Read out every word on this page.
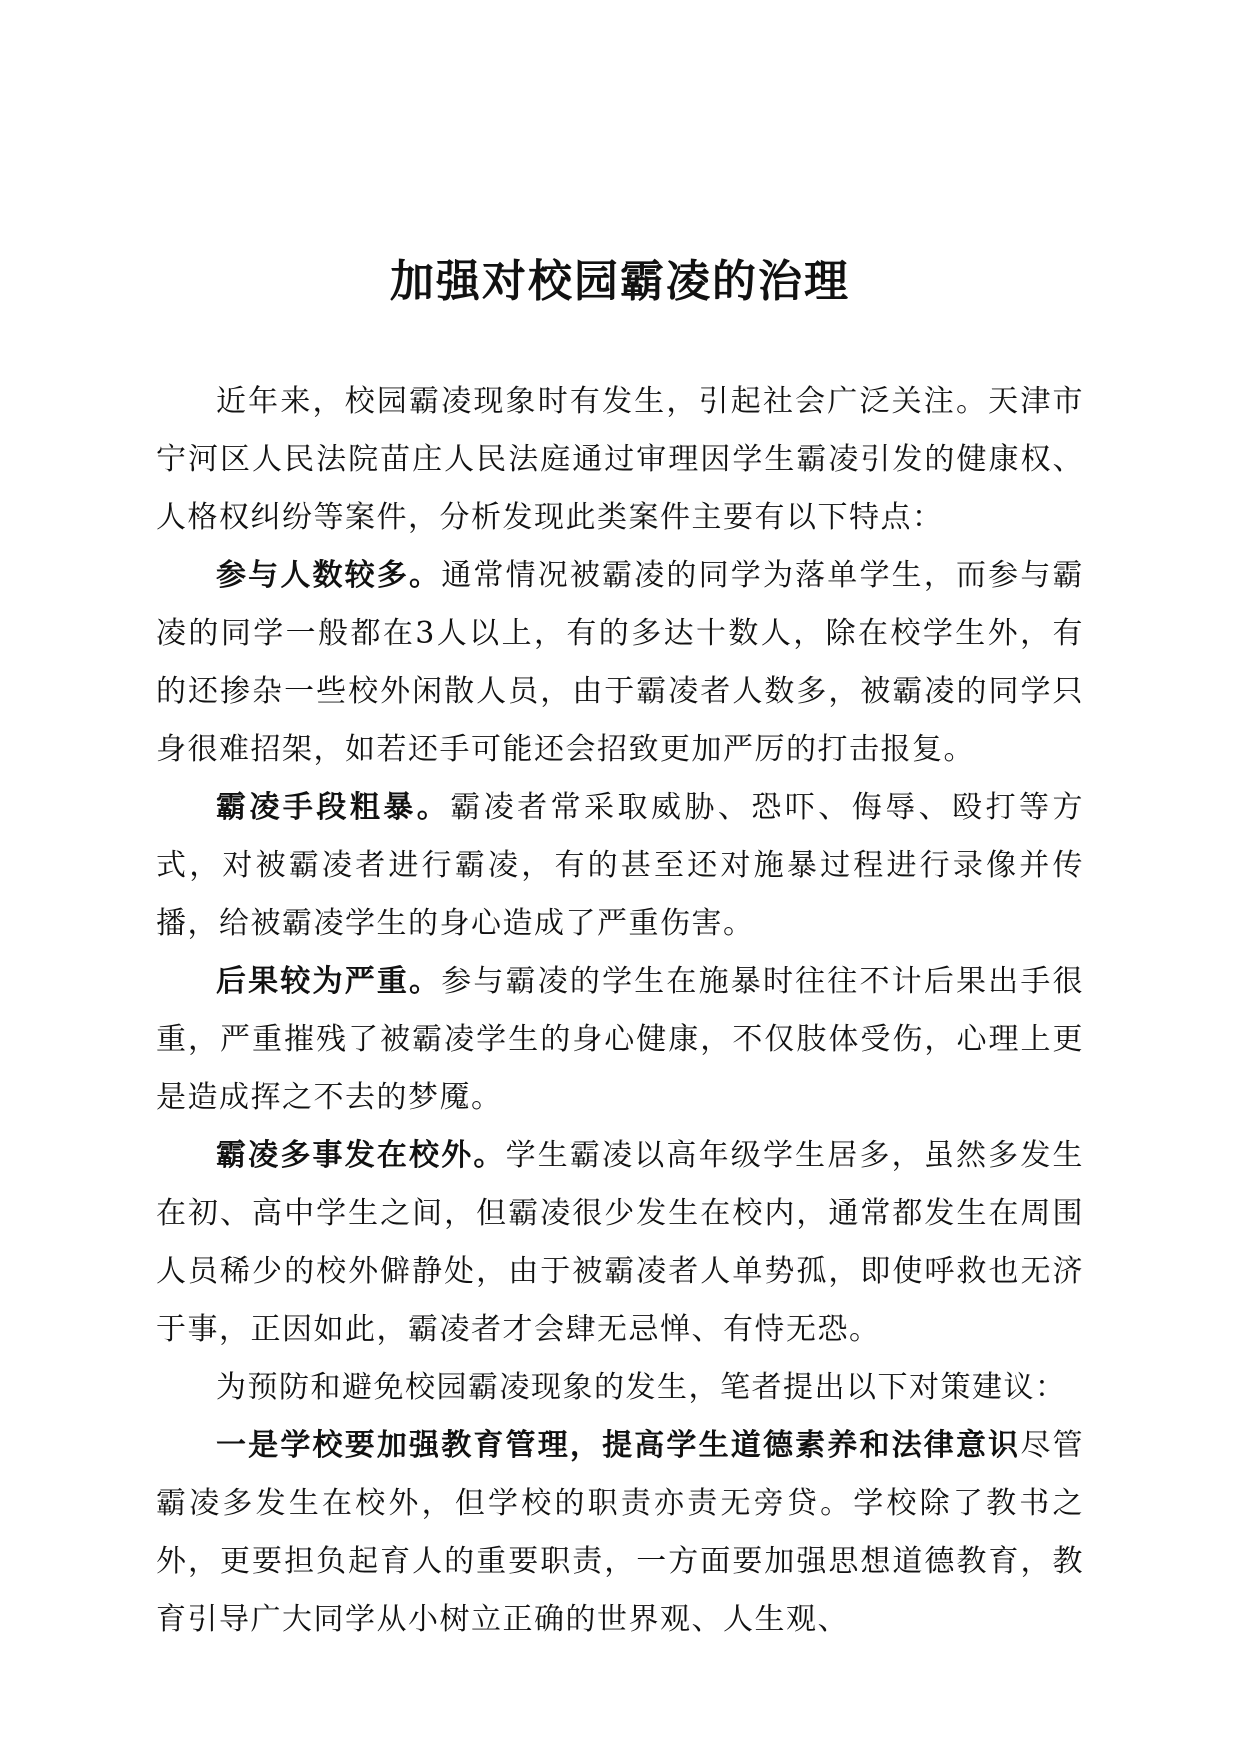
加强对校园霸凌的治理

近年来，校园霸凌现象时有发生，引起社会广泛关注。天津市宁河区人民法院苗庄人民法庭通过审理因学生霸凌引发的健康权、人格权纠纷等案件，分析发现此类案件主要有以下特点：

参与人数较多。通常情况被霸凌的同学为落单学生，而参与霸凌的同学一般都在3人以上，有的多达十数人，除在校学生外，有的还掺杂一些校外闲散人员，由于霸凌者人数多，被霸凌的同学只身很难招架，如若还手可能还会招致更加严厉的打击报复。

霸凌手段粗暴。霸凌者常采取威胁、恐吓、侮辱、殴打等方式，对被霸凌者进行霸凌，有的甚至还对施暴过程进行录像并传播，给被霸凌学生的身心造成了严重伤害。

后果较为严重。参与霸凌的学生在施暴时往往不计后果出手很重，严重摧残了被霸凌学生的身心健康，不仅肢体受伤，心理上更是造成挥之不去的梦魇。

霸凌多事发在校外。学生霸凌以高年级学生居多，虽然多发生在初、高中学生之间，但霸凌很少发生在校内，通常都发生在周围人员稀少的校外僻静处，由于被霸凌者人单势孤，即使呼救也无济于事，正因如此，霸凌者才会肆无忌惮、有恃无恐。

为预防和避免校园霸凌现象的发生，笔者提出以下对策建议：

一是学校要加强教育管理，提高学生道德素养和法律意识尽管霸凌多发生在校外，但学校的职责亦责无旁贷。学校除了教书之外，更要担负起育人的重要职责，一方面要加强思想道德教育，教育引导广大同学从小树立正确的世界观、人生观、
